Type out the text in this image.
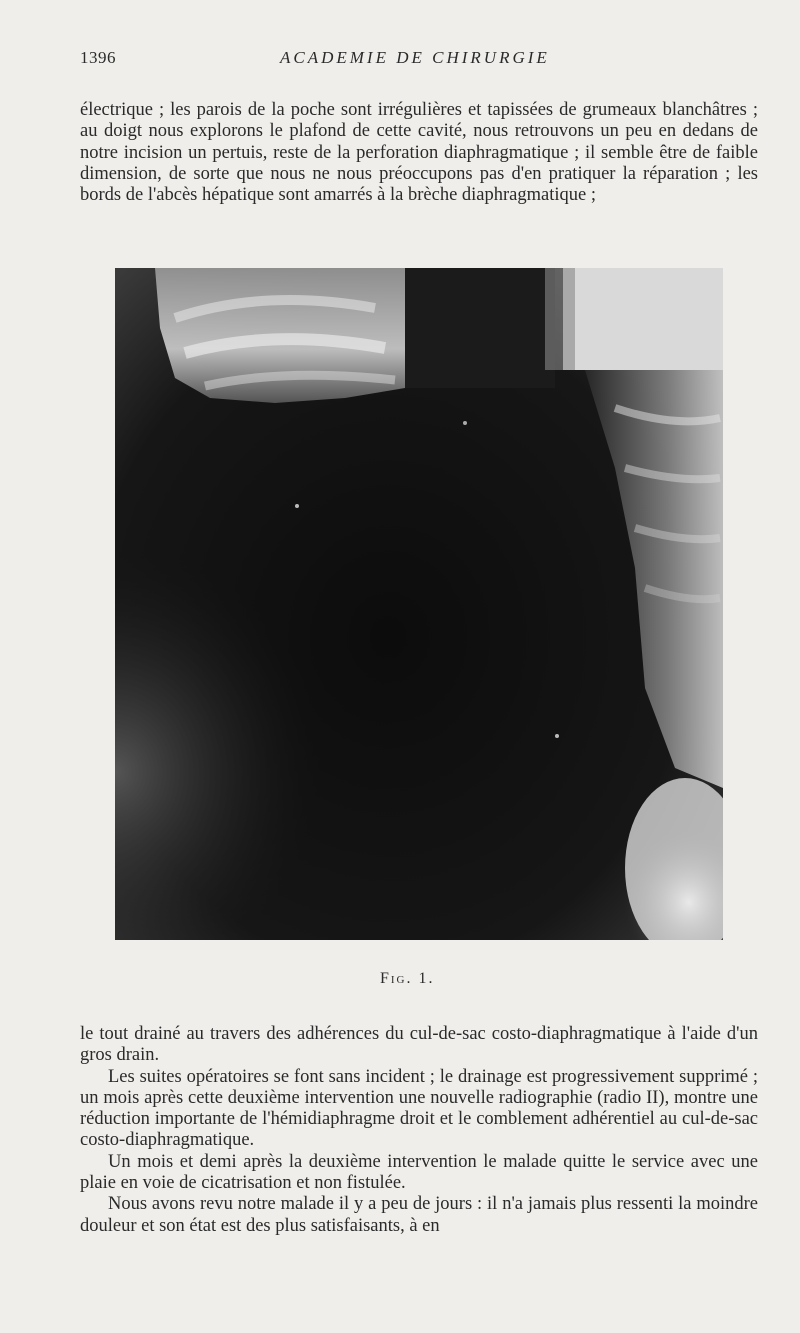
1396	ACADEMIE DE CHIRURGIE

électrique ; les parois de la poche sont irrégulières et tapissées de grumeaux blanchâtres ; au doigt nous explorons le plafond de cette cavité, nous retrouvons un peu en dedans de notre incision un pertuis, reste de la perforation diaphragmatique ; il semble être de faible dimension, de sorte que nous ne nous préoccupons pas d'en pratiquer la réparation ; les bords de l'abcès hépatique sont amarrés à la brèche diaphragmatique ;

Fig. 1.

le tout drainé au travers des adhérences du cul-de-sac costo-diaphragmatique à l'aide d'un gros drain.

Les suites opératoires se font sans incident ; le drainage est progressivement supprimé ; un mois après cette deuxième intervention une nouvelle radiographie (radio II), montre une réduction importante de l'hémidiaphragme droit et le comblement adhérentiel au cul-de-sac costo-diaphragmatique.

Un mois et demi après la deuxième intervention le malade quitte le service avec une plaie en voie de cicatrisation et non fistulée.

Nous avons revu notre malade il y a peu de jours : il n'a jamais plus ressenti la moindre douleur et son état est des plus satisfaisants, à en
